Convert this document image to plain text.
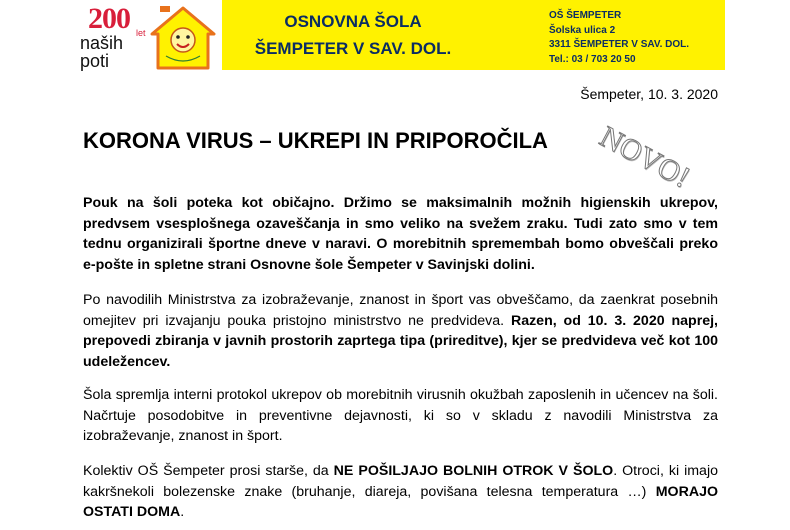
200 let
naših
poti
OSNOVNA ŠOLA
ŠEMPETER V SAV. DOL.
OŠ ŠEMPETER
Šolska ulica 2
3311 ŠEMPETER V SAV. DOL.
Tel.: 03 / 703 20 50
Šempeter, 10. 3. 2020
KORONA VIRUS – UKREPI IN PRIPOROČILA NOVO!

Pouk na šoli poteka kot običajno. Držimo se maksimalnih možnih higienskih ukrepov, predvsem vsesplošnega ozaveščanja in smo veliko na svežem zraku. Tudi zato smo v tem tednu organizirali športne dneve v naravi. O morebitnih spremembah bomo obveščali preko e-pošte in spletne strani Osnovne šole Šempeter v Savinjski dolini.

Po navodilih Ministrstva za izobraževanje, znanost in šport vas obveščamo, da zaenkrat posebnih omejitev pri izvajanju pouka pristojno ministrstvo ne predvideva. Razen, od 10. 3. 2020 naprej, prepovedi zbiranja v javnih prostorih zaprtega tipa (prireditve), kjer se predvideva več kot 100 udeležencev.

Šola spremlja interni protokol ukrepov ob morebitnih virusnih okužbah zaposlenih in učencev na šoli. Načrtuje posodobitve in preventivne dejavnosti, ki so v skladu z navodili Ministrstva za izobraževanje, znanost in šport.

Kolektiv OŠ Šempeter prosi starše, da NE POŠILJAJO BOLNIH OTROK V ŠOLO. Otroci, ki imajo kakršnekoli bolezenske znake (bruhanje, diareja, povišana telesna temperatura …) MORAJO OSTATI DOMA.
